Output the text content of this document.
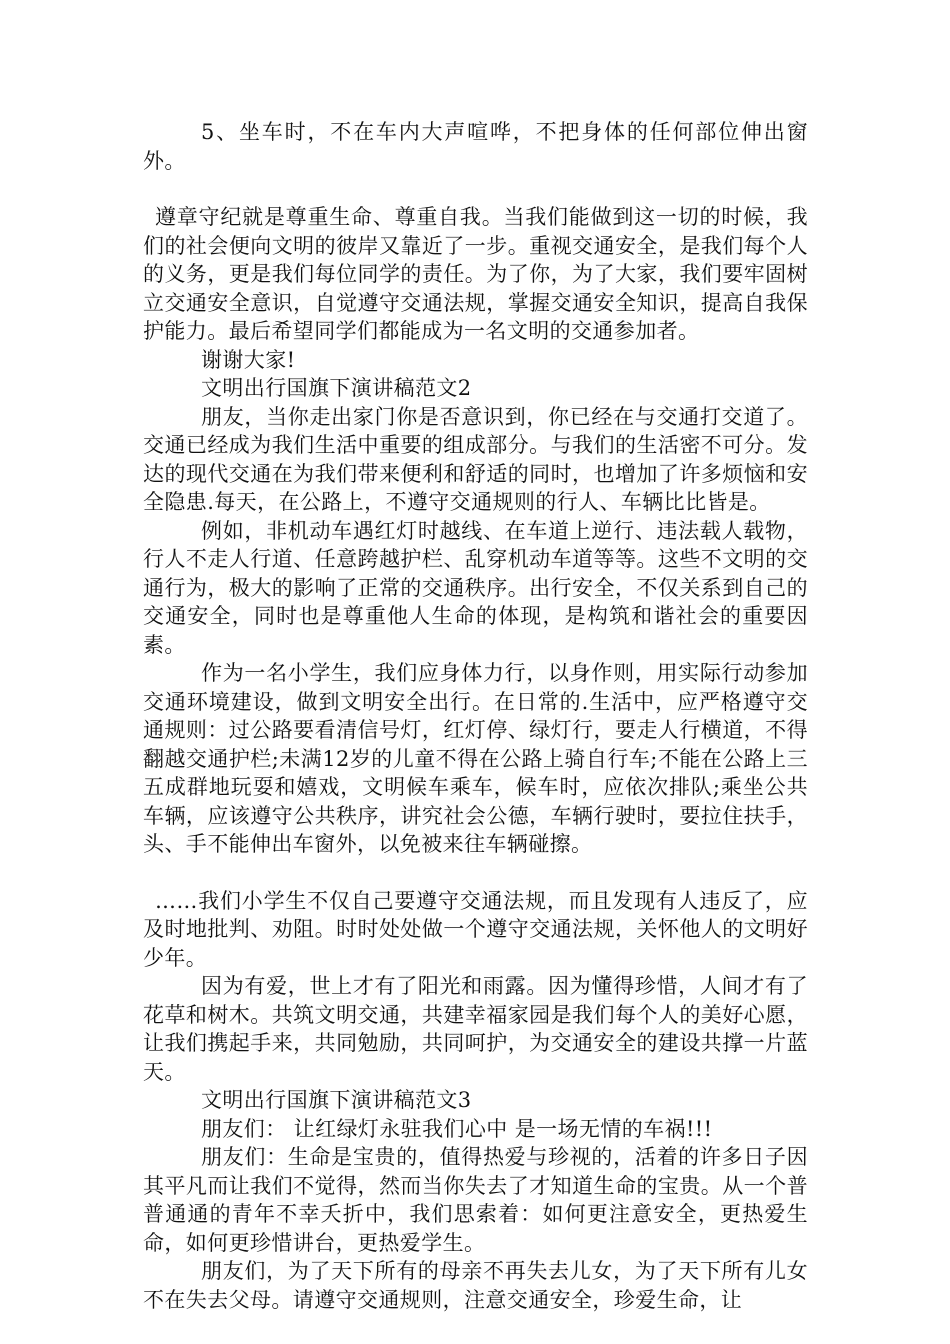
5、坐车时，不在车内大声喧哗，不把身体的任何部位伸出窗外。

遵章守纪就是尊重生命、尊重自我。当我们能做到这一切的时候，我们的社会便向文明的彼岸又靠近了一步。重视交通安全，是我们每个人的义务，更是我们每位同学的责任。为了你，为了大家，我们要牢固树立交通安全意识，自觉遵守交通法规，掌握交通安全知识，提高自我保护能力。最后希望同学们都能成为一名文明的交通参加者。

谢谢大家!

文明出行国旗下演讲稿范文2

朋友，当你走出家门你是否意识到，你已经在与交通打交道了。交通已经成为我们生活中重要的组成部分。与我们的生活密不可分。发达的现代交通在为我们带来便利和舒适的同时，也增加了许多烦恼和安全隐患.每天，在公路上，不遵守交通规则的行人、车辆比比皆是。

例如，非机动车遇红灯时越线、在车道上逆行、违法载人载物，行人不走人行道、任意跨越护栏、乱穿机动车道等等。这些不文明的交通行为，极大的影响了正常的交通秩序。出行安全，不仅关系到自己的交通安全，同时也是尊重他人生命的体现，是构筑和谐社会的重要因素。

作为一名小学生，我们应身体力行，以身作则，用实际行动参加交通环境建设，做到文明安全出行。在日常的.生活中，应严格遵守交通规则：过公路要看清信号灯，红灯停、绿灯行，要走人行横道，不得翻越交通护栏;未满12岁的儿童不得在公路上骑自行车;不能在公路上三五成群地玩耍和嬉戏，文明候车乘车，候车时，应依次排队;乘坐公共车辆，应该遵守公共秩序，讲究社会公德，车辆行驶时，要拉住扶手，头、手不能伸出车窗外，以免被来往车辆碰擦。

……我们小学生不仅自己要遵守交通法规，而且发现有人违反了，应及时地批判、劝阻。时时处处做一个遵守交通法规，关怀他人的文明好少年。

因为有爱，世上才有了阳光和雨露。因为懂得珍惜，人间才有了花草和树木。共筑文明交通，共建幸福家园是我们每个人的美好心愿，让我们携起手来，共同勉励，共同呵护，为交通安全的建设共撑一片蓝天。

文明出行国旗下演讲稿范文3

朋友们： 让红绿灯永驻我们心中 是一场无情的车祸!!!

朋友们：生命是宝贵的，值得热爱与珍视的，活着的许多日子因其平凡而让我们不觉得，然而当你失去了才知道生命的宝贵。从一个普普通通的青年不幸夭折中，我们思索着：如何更注意安全，更热爱生命，如何更珍惜讲台，更热爱学生。

朋友们，为了天下所有的母亲不再失去儿女，为了天下所有儿女不在失去父母。请遵守交通规则，注意交通安全，珍爱生命，让
